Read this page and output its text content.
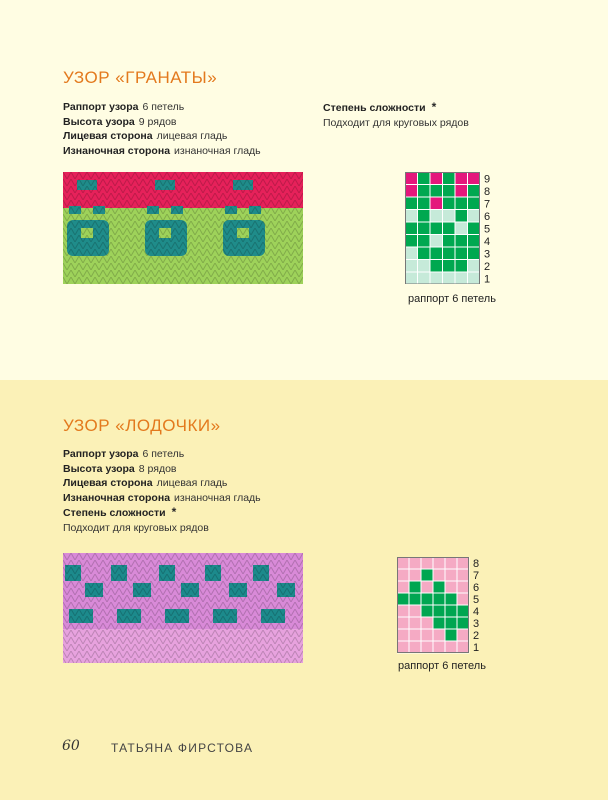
УЗОР «ГРАНАТЫ»
Раппорт узора 6 петель
Высота узора 9 рядов
Лицевая сторона лицевая гладь
Изнаночная сторона изнаночная гладь
Степень сложности *
Подходит для круговых рядов
9
8
7
6
5
4
3
2
1
раппорт 6 петель
УЗОР «ЛОДОЧКИ»
Раппорт узора 6 петель
Высота узора 8 рядов
Лицевая сторона лицевая гладь
Изнаночная сторона изнаночная гладь
Степень сложности *
Подходит для круговых рядов
8
7
6
5
4
3
2
1
раппорт 6 петель
60	ТАТЬЯНА ФИРСТОВА
